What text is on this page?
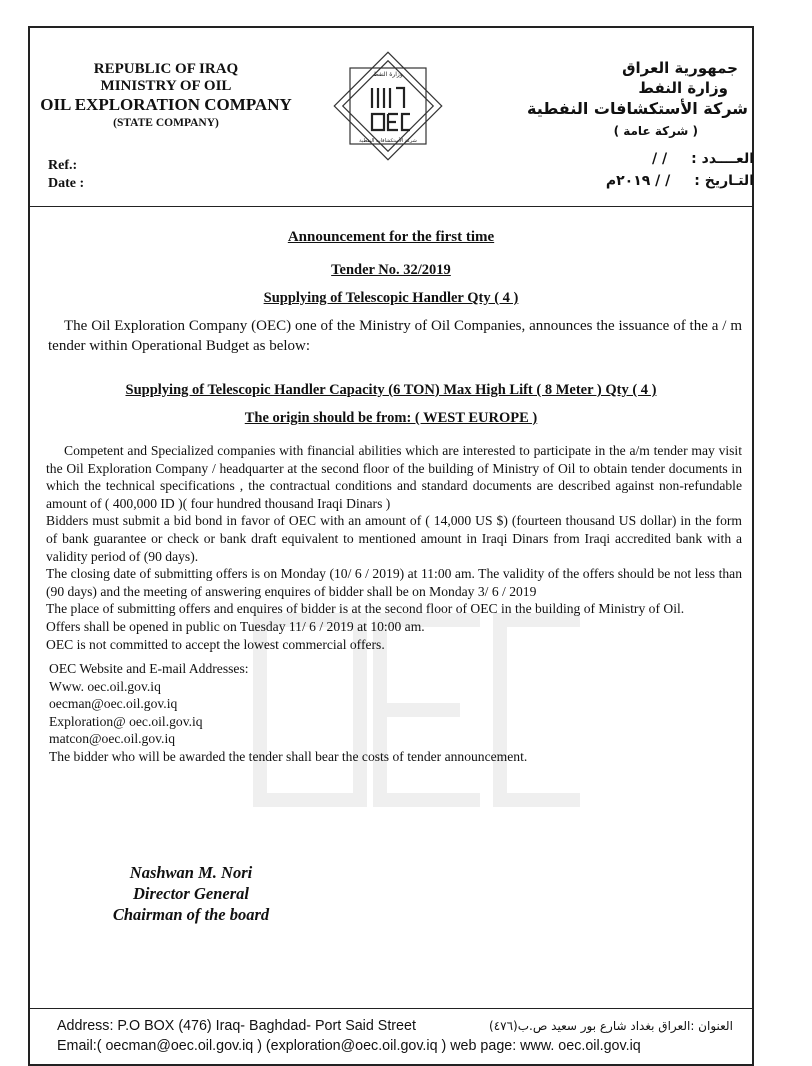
REPUBLIC OF IRAQ
MINISTRY OF OIL
OIL EXPLORATION COMPANY
(STATE COMPANY)
Ref.:
Date :
وزارة النفط
شركة الأستكشافات النفطية
جمهورية العراق
وزارة النفط
شركة الأستكشافات النفطية
( شركة عامة )
العــــدد :/ /
التـاريخ :/ / ٢٠١٩م
Announcement for the first time
Tender No. 32/2019
Supplying of Telescopic Handler Qty ( 4 )
The Oil Exploration Company (OEC) one of the Ministry of Oil Companies, announces the issuance of the a / m tender within Operational Budget as below:
Supplying of Telescopic Handler Capacity (6 TON) Max High Lift ( 8 Meter ) Qty ( 4 )
The origin should be from: ( WEST EUROPE )

Competent and Specialized companies with financial abilities which are interested to participate in the a/m tender may visit the Oil Exploration Company / headquarter at the second floor of the building of Ministry of Oil to obtain tender documents in which the technical specifications , the contractual conditions and standard documents are described against non-refundable amount of ( 400,000 ID )( four hundred thousand Iraqi Dinars )

Bidders must submit a bid bond in favor of OEC with an amount of ( 14,000 US $) (fourteen thousand US dollar) in the form of bank guarantee or check or bank draft equivalent to mentioned amount in Iraqi Dinars from Iraqi accredited bank with a validity period of (90 days).

The closing date of submitting offers is on Monday (10/ 6 / 2019) at 11:00 am. The validity of the offers should be not less than (90 days) and the meeting of answering enquires of bidder shall be on Monday 3/ 6 / 2019

The place of submitting offers and enquires of bidder is at the second floor of OEC in the building of Ministry of Oil.

Offers shall be opened in public on Tuesday 11/ 6 / 2019 at 10:00 am.

OEC is not committed to accept the lowest commercial offers.

OEC Website and E-mail Addresses:
Www. oec.oil.gov.iq
oecman@oec.oil.gov.iq
Exploration@ oec.oil.gov.iq
matcon@oec.oil.gov.iq
The bidder who will be awarded the tender shall bear the costs of tender announcement.
Nashwan M. Nori
Director General
Chairman of the board
Address: P.O BOX (476) Iraq- Baghdad- Port Said Street	العنوان :العراق بغداد شارع بور سعيد ص.ب(٤٧٦)
Email:( oecman@oec.oil.gov.iq ) (exploration@oec.oil.gov.iq ) web page: www. oec.oil.gov.iq
